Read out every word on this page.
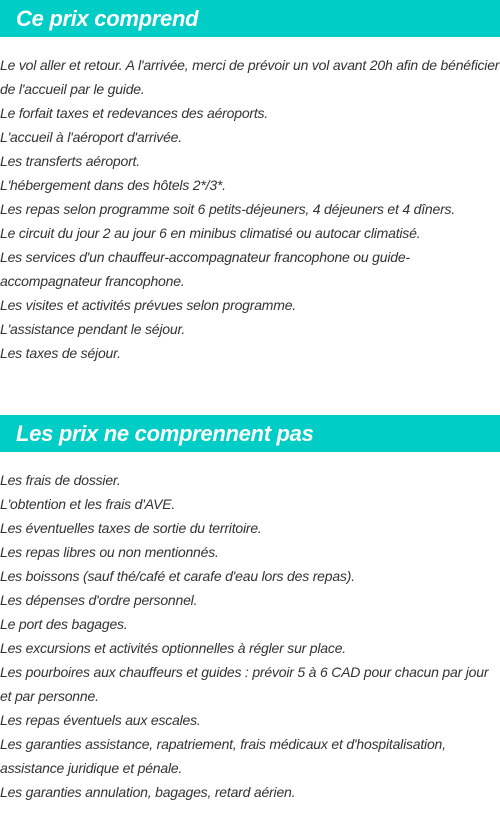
Ce prix comprend
Le vol aller et retour. A l'arrivée, merci de prévoir un vol avant 20h afin de bénéficier de l'accueil par le guide.
Le forfait taxes et redevances des aéroports.
L'accueil à l'aéroport d'arrivée.
Les transferts aéroport.
L'hébergement dans des hôtels 2*/3*.
Les repas selon programme soit 6 petits-déjeuners, 4 déjeuners et 4 dîners.
Le circuit du jour 2 au jour 6 en minibus climatisé ou autocar climatisé.
Les services d'un chauffeur-accompagnateur francophone ou guide-accompagnateur francophone.
Les visites et activités prévues selon programme.
L'assistance pendant le séjour.
Les taxes de séjour.
Les prix ne comprennent pas
Les frais de dossier.
L'obtention et les frais d'AVE.
Les éventuelles taxes de sortie du territoire.
Les repas libres ou non mentionnés.
Les boissons (sauf thé/café et carafe d'eau lors des repas).
Les dépenses d'ordre personnel.
Le port des bagages.
Les excursions et activités optionnelles à régler sur place.
Les pourboires aux chauffeurs et guides : prévoir 5 à 6 CAD pour chacun par jour et par personne.
Les repas éventuels aux escales.
Les garanties assistance, rapatriement, frais médicaux et d'hospitalisation, assistance juridique et pénale.
Les garanties annulation, bagages, retard aérien.
